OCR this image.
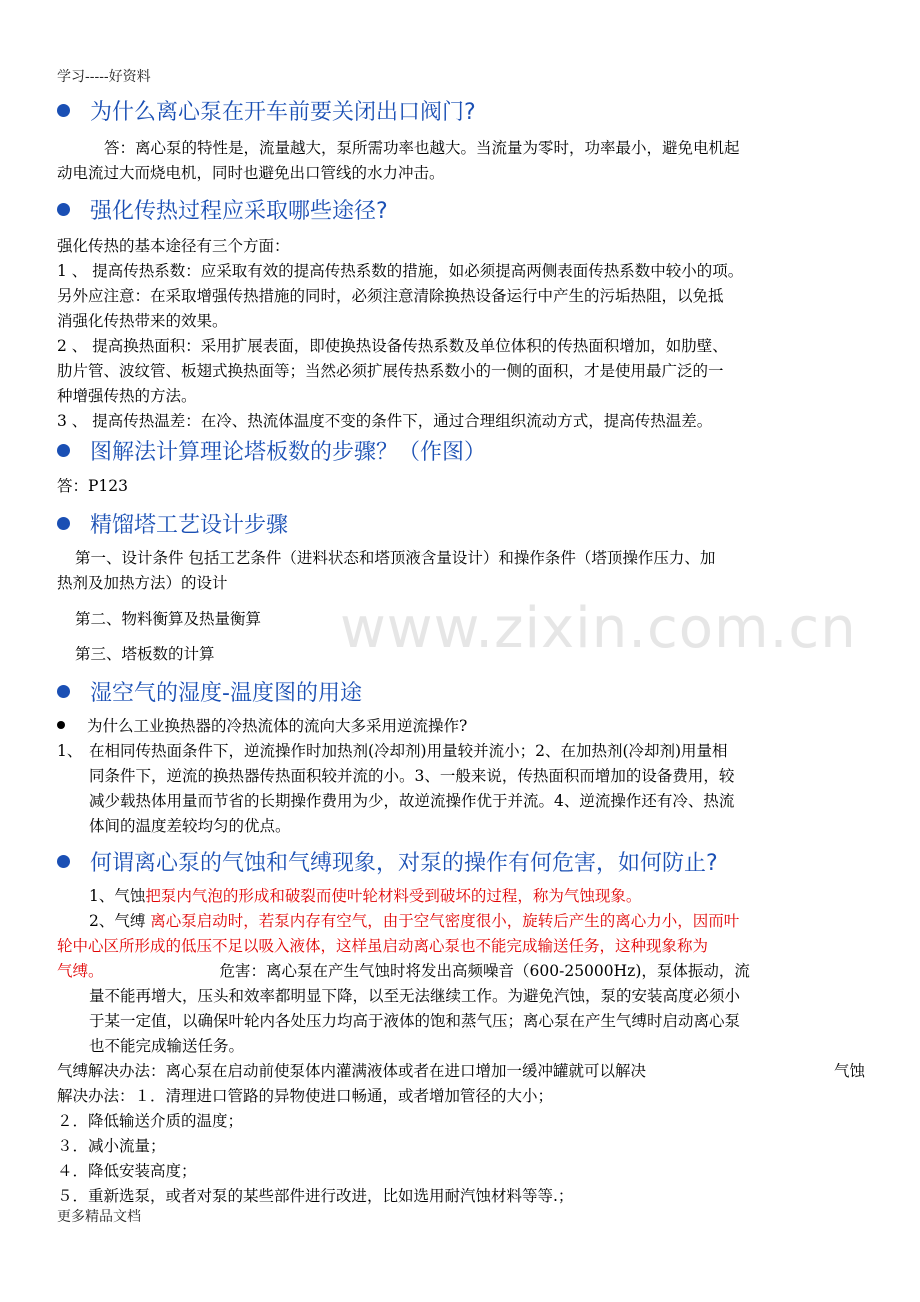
www.zixin.com.cn
学习-----好资料
为什么离心泵在开车前要关闭出口阀门?
答：离心泵的特性是，流量越大，泵所需功率也越大。当流量为零时，功率最小，避免电机起
动电流过大而烧电机，同时也避免出口管线的水力冲击。
强化传热过程应采取哪些途径?
强化传热的基本途径有三个方面：
1 、 提高传热系数：应采取有效的提高传热系数的措施，如必须提高两侧表面传热系数中较小的项。
另外应注意：在采取增强传热措施的同时，必须注意清除换热设备运行中产生的污垢热阻，以免抵
消强化传热带来的效果。
2 、 提高换热面积：采用扩展表面，即使换热设备传热系数及单位体积的传热面积增加，如肋壁、
肋片管、波纹管、板翅式换热面等；当然必须扩展传热系数小的一侧的面积，才是使用最广泛的一
种增强传热的方法。
3 、 提高传热温差：在冷、热流体温度不变的条件下，通过合理组织流动方式，提高传热温差。
图解法计算理论塔板数的步骤？（作图）
答：P123
精馏塔工艺设计步骤
第一、设计条件 包括工艺条件（进料状态和塔顶液含量设计）和操作条件（塔顶操作压力、加
热剂及加热方法）的设计
第二、物料衡算及热量衡算
第三、塔板数的计算
湿空气的湿度-温度图的用途
为什么工业换热器的冷热流体的流向大多采用逆流操作?
1、 在相同传热面条件下，逆流操作时加热剂(冷却剂)用量较并流小；2、在加热剂(冷却剂)用量相
同条件下，逆流的换热器传热面积较并流的小。3、一般来说，传热面积而增加的设备费用，较
减少载热体用量而节省的长期操作费用为少，故逆流操作优于并流。4、逆流操作还有冷、热流
体间的温度差较均匀的优点。
何谓离心泵的气蚀和气缚现象，对泵的操作有何危害，如何防止?
1、气蚀把泵内气泡的形成和破裂而使叶轮材料受到破坏的过程，称为气蚀现象。
2、气缚 离心泵启动时，若泵内存有空气，由于空气密度很小，旋转后产生的离心力小，因而叶
轮中心区所形成的低压不足以吸入液体，这样虽启动离心泵也不能完成输送任务，这种现象称为
气缚。	危害：离心泵在产生气蚀时将发出高频噪音（600-25000Hz)，泵体振动，流
量不能再增大，压头和效率都明显下降，以至无法继续工作。为避免汽蚀，泵的安装高度必须小
于某一定值，以确保叶轮内各处压力均高于液体的饱和蒸气压；离心泵在产生气缚时启动离心泵
也不能完成输送任务。
气缚解决办法：离心泵在启动前使泵体内灌满液体或者在进口增加一缓冲罐就可以解决	气蚀
解决办法：１．清理进口管路的异物使进口畅通，或者增加管径的大小；
２．降低输送介质的温度；
３．减小流量；
４．降低安装高度；
５．重新选泵，或者对泵的某些部件进行改进，比如选用耐汽蚀材料等等.；
更多精品文档
